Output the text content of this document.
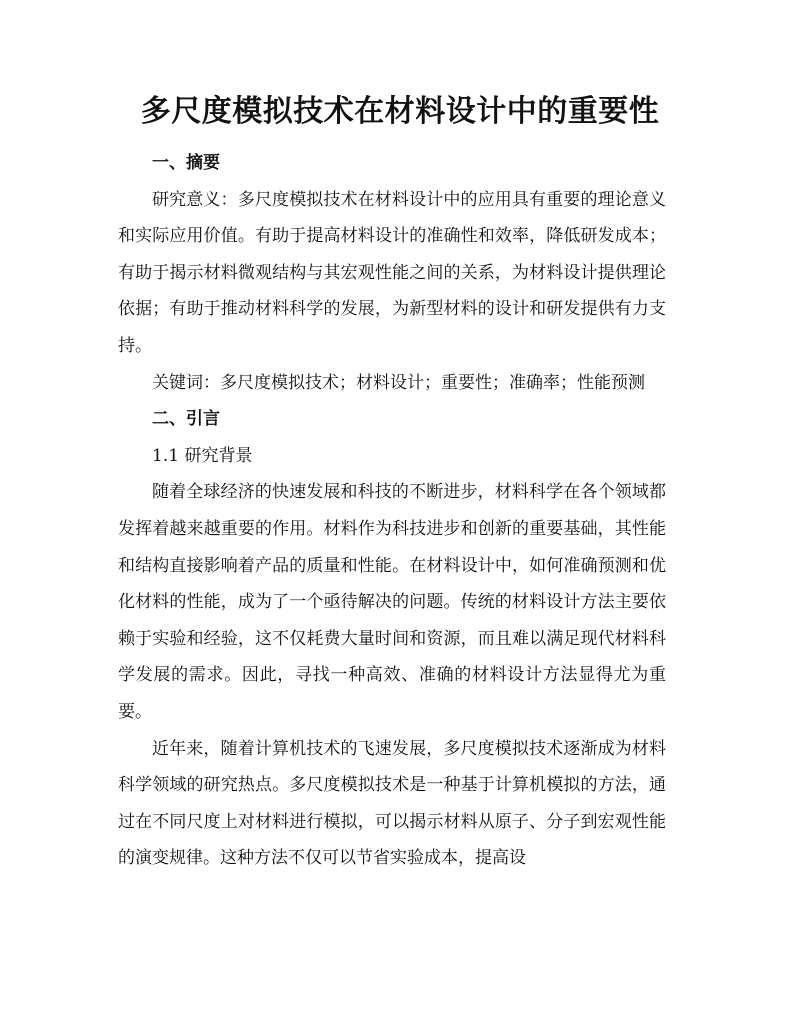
多尺度模拟技术在材料设计中的重要性

一、摘要

研究意义：多尺度模拟技术在材料设计中的应用具有重要的理论意义和实际应用价值。有助于提高材料设计的准确性和效率，降低研发成本；有助于揭示材料微观结构与其宏观性能之间的关系，为材料设计提供理论依据；有助于推动材料科学的发展，为新型材料的设计和研发提供有力支持。

关键词：多尺度模拟技术；材料设计；重要性；准确率；性能预测

二、引言

1.1 研究背景

随着全球经济的快速发展和科技的不断进步，材料科学在各个领域都发挥着越来越重要的作用。材料作为科技进步和创新的重要基础，其性能和结构直接影响着产品的质量和性能。在材料设计中，如何准确预测和优化材料的性能，成为了一个亟待解决的问题。传统的材料设计方法主要依赖于实验和经验，这不仅耗费大量时间和资源，而且难以满足现代材料科学发展的需求。因此，寻找一种高效、准确的材料设计方法显得尤为重要。

近年来，随着计算机技术的飞速发展，多尺度模拟技术逐渐成为材料科学领域的研究热点。多尺度模拟技术是一种基于计算机模拟的方法，通过在不同尺度上对材料进行模拟，可以揭示材料从原子、分子到宏观性能的演变规律。这种方法不仅可以节省实验成本，提高设
